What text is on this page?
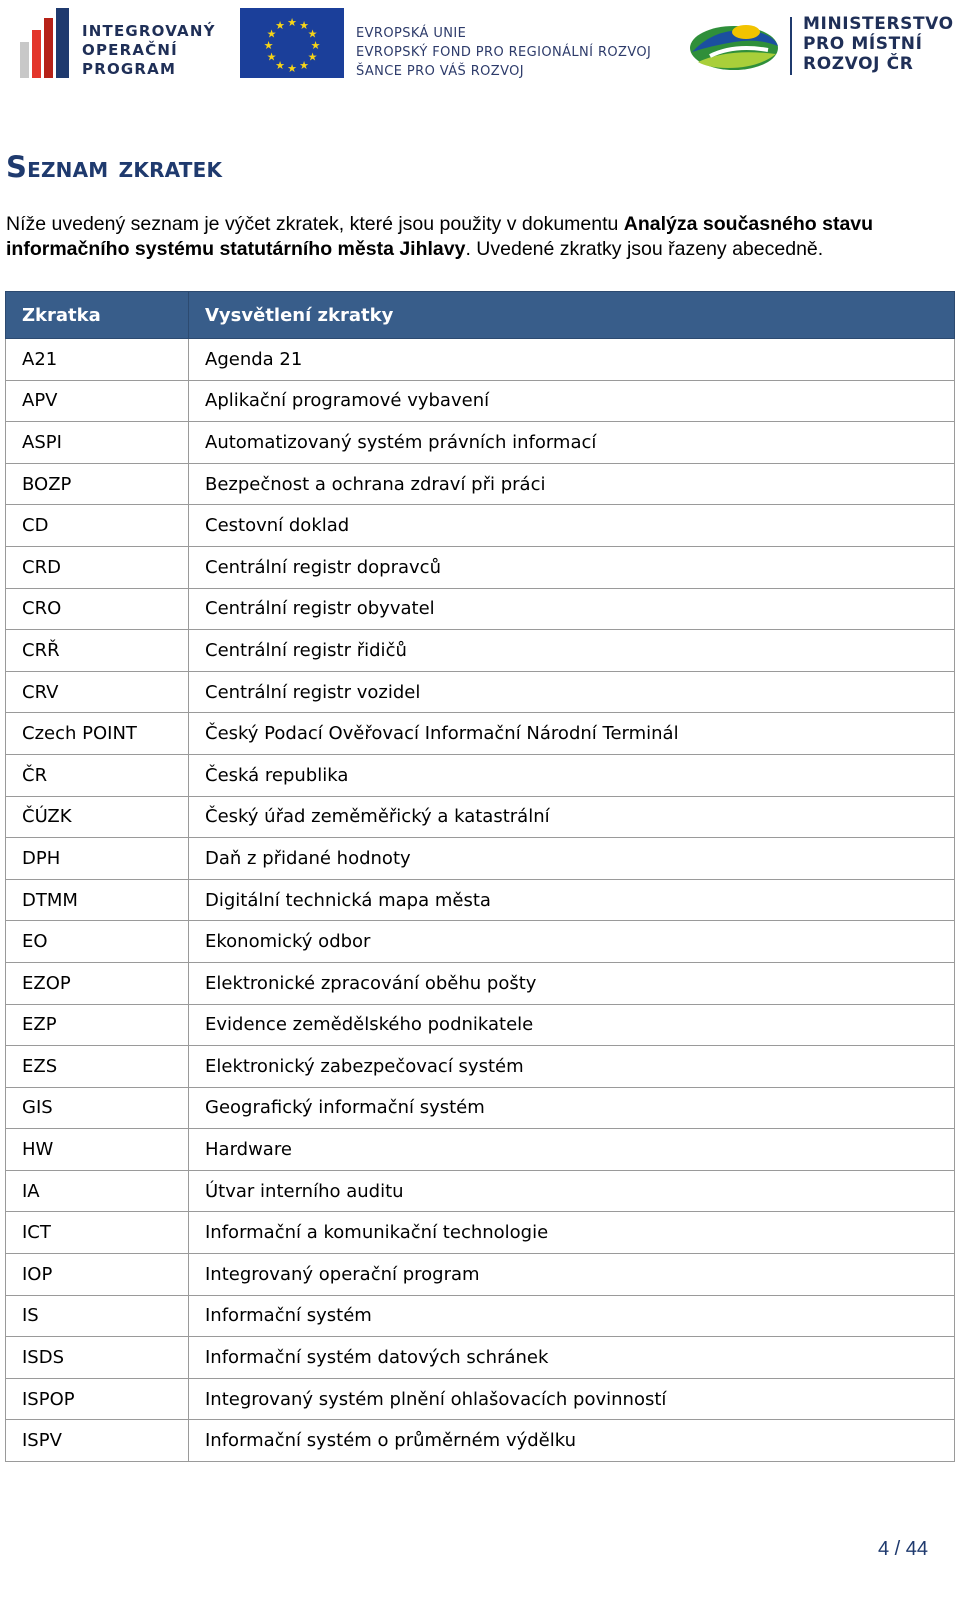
INTEGROVANÝ
OPERAČNÍ
PROGRAM
★ ★
★
★
★
★
★
★
★
★
★
★
EVROPSKÁ UNIE
EVROPSKÝ FOND PRO REGIONÁLNÍ ROZVOJ
ŠANCE PRO VÁŠ ROZVOJ
MINISTERSTVO
PRO MÍSTNÍ
ROZVOJ ČR
Seznam zkratek

Níže uvedený seznam je výčet zkratek, které jsou použity v dokumentu Analýza současného stavu informačního systému statutárního města Jihlavy. Uvedené zkratky jsou řazeny abecedně.

Zkratka	Vysvětlení zkratky
A21	Agenda 21
APV	Aplikační programové vybavení
ASPI	Automatizovaný systém právních informací
BOZP	Bezpečnost a ochrana zdraví při práci
CD	Cestovní doklad
CRD	Centrální registr dopravců
CRO	Centrální registr obyvatel
CRŘ	Centrální registr řidičů
CRV	Centrální registr vozidel
Czech POINT	Český Podací Ověřovací Informační Národní Terminál
ČR	Česká republika
ČÚZK	Český úřad zeměměřický a katastrální
DPH	Daň z přidané hodnoty
DTMM	Digitální technická mapa města
EO	Ekonomický odbor
EZOP	Elektronické zpracování oběhu pošty
EZP	Evidence zemědělského podnikatele
EZS	Elektronický zabezpečovací systém
GIS	Geografický informační systém
HW	Hardware
IA	Útvar interního auditu
ICT	Informační a komunikační technologie
IOP	Integrovaný operační program
IS	Informační systém
ISDS	Informační systém datových schránek
ISPOP	Integrovaný systém plnění ohlašovacích povinností
ISPV	Informační systém o průměrném výdělku
4 / 44
